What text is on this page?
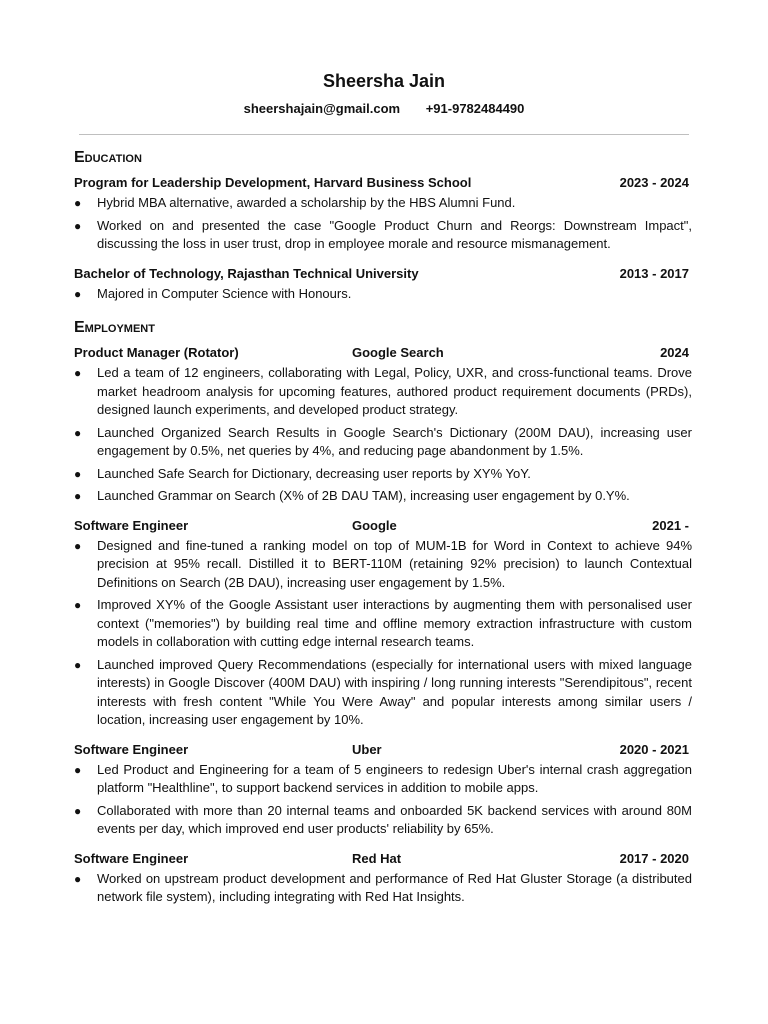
Sheersha Jain
sheershajain@gmail.com +91-9782484490
Education
Program for Leadership Development, Harvard Business School	2023 - 2024
● Hybrid MBA alternative, awarded a scholarship by the HBS Alumni Fund.
● Worked on and presented the case "Google Product Churn and Reorgs: Downstream Impact", discussing the loss in user trust, drop in employee morale and resource mismanagement.
Bachelor of Technology, Rajasthan Technical University	2013 - 2017
● Majored in Computer Science with Honours.
Employment
Product Manager (Rotator)	Google Search	2024
● Led a team of 12 engineers, collaborating with Legal, Policy, UXR, and cross-functional teams. Drove market headroom analysis for upcoming features, authored product requirement documents (PRDs), designed launch experiments, and developed product strategy.
● Launched Organized Search Results in Google Search's Dictionary (200M DAU), increasing user engagement by 0.5%, net queries by 4%, and reducing page abandonment by 1.5%.
● Launched Safe Search for Dictionary, decreasing user reports by XY% YoY.
● Launched Grammar on Search (X% of 2B DAU TAM), increasing user engagement by 0.Y%.
Software Engineer	Google	2021 -
● Designed and fine-tuned a ranking model on top of MUM-1B for Word in Context to achieve 94% precision at 95% recall. Distilled it to BERT-110M (retaining 92% precision) to launch Contextual Definitions on Search (2B DAU), increasing user engagement by 1.5%.
● Improved XY% of the Google Assistant user interactions by augmenting them with personalised user context ("memories") by building real time and offline memory extraction infrastructure with custom models in collaboration with cutting edge internal research teams.
● Launched improved Query Recommendations (especially for international users with mixed language interests) in Google Discover (400M DAU) with inspiring / long running interests "Serendipitous", recent interests with fresh content "While You Were Away" and popular interests among similar users / location, increasing user engagement by 10%.
Software Engineer	Uber	2020 - 2021
● Led Product and Engineering for a team of 5 engineers to redesign Uber's internal crash aggregation platform "Healthline", to support backend services in addition to mobile apps.
● Collaborated with more than 20 internal teams and onboarded 5K backend services with around 80M events per day, which improved end user products' reliability by 65%.
Software Engineer	Red Hat	2017 - 2020
● Worked on upstream product development and performance of Red Hat Gluster Storage (a distributed network file system), including integrating with Red Hat Insights.
